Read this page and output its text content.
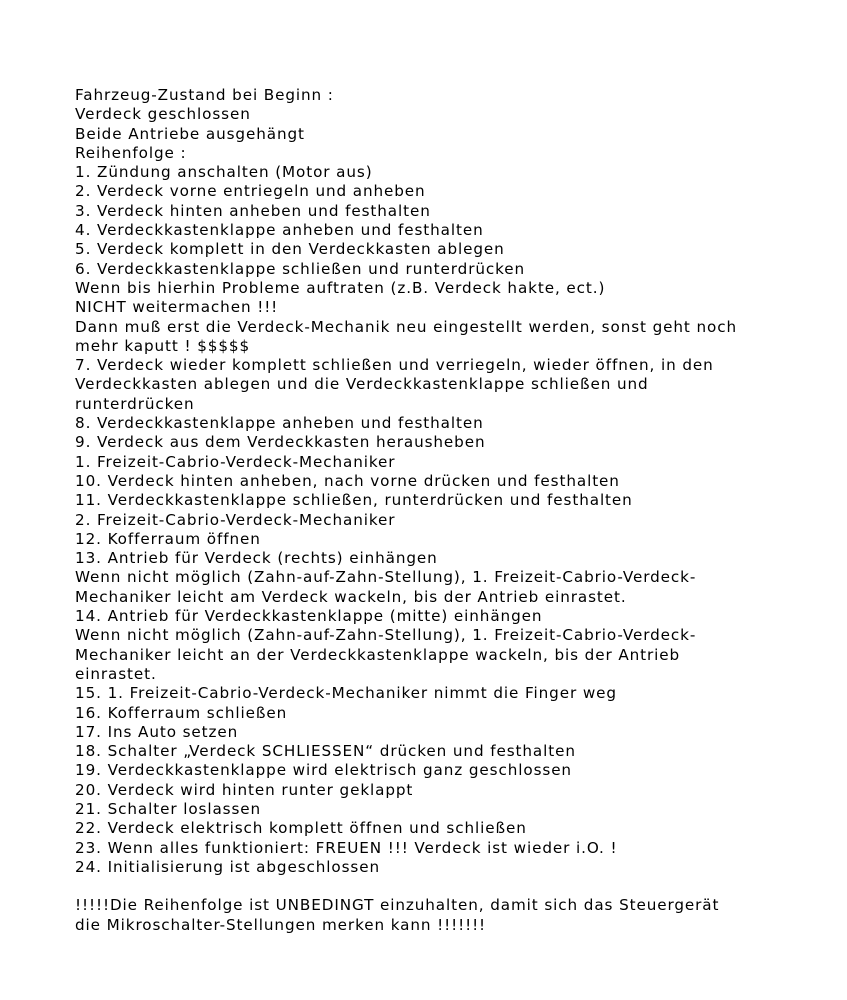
Fahrzeug-Zustand bei Beginn :
Verdeck geschlossen
Beide Antriebe ausgehängt
Reihenfolge :
1. Zündung anschalten (Motor aus)
2. Verdeck vorne entriegeln und anheben
3. Verdeck hinten anheben und festhalten
4. Verdeckkastenklappe anheben und festhalten
5. Verdeck komplett in den Verdeckkasten ablegen
6. Verdeckkastenklappe schließen und runterdrücken
Wenn bis hierhin Probleme auftraten (z.B. Verdeck hakte, ect.)
NICHT weitermachen !!!
Dann muß erst die Verdeck-Mechanik neu eingestellt werden, sonst geht noch
mehr kaputt ! $$$$$
7. Verdeck wieder komplett schließen und verriegeln, wieder öffnen, in den
Verdeckkasten ablegen und die Verdeckkastenklappe schließen und
runterdrücken
8. Verdeckkastenklappe anheben und festhalten
9. Verdeck aus dem Verdeckkasten herausheben
1. Freizeit-Cabrio-Verdeck-Mechaniker
10. Verdeck hinten anheben, nach vorne drücken und festhalten
11. Verdeckkastenklappe schließen, runterdrücken und festhalten
2. Freizeit-Cabrio-Verdeck-Mechaniker
12. Kofferraum öffnen
13. Antrieb für Verdeck (rechts) einhängen
Wenn nicht möglich (Zahn-auf-Zahn-Stellung), 1. Freizeit-Cabrio-Verdeck-
Mechaniker leicht am Verdeck wackeln, bis der Antrieb einrastet.
14. Antrieb für Verdeckkastenklappe (mitte) einhängen
Wenn nicht möglich (Zahn-auf-Zahn-Stellung), 1. Freizeit-Cabrio-Verdeck-
Mechaniker leicht an der Verdeckkastenklappe wackeln, bis der Antrieb
einrastet.
15. 1. Freizeit-Cabrio-Verdeck-Mechaniker nimmt die Finger weg
16. Kofferraum schließen
17. Ins Auto setzen
18. Schalter „Verdeck SCHLIESSEN“ drücken und festhalten
19. Verdeckkastenklappe wird elektrisch ganz geschlossen
20. Verdeck wird hinten runter geklappt
21. Schalter loslassen
22. Verdeck elektrisch komplett öffnen und schließen
23. Wenn alles funktioniert: FREUEN !!! Verdeck ist wieder i.O. !
24. Initialisierung ist abgeschlossen
!!!!!Die Reihenfolge ist UNBEDINGT einzuhalten, damit sich das Steuergerät
die Mikroschalter-Stellungen merken kann !!!!!!!
